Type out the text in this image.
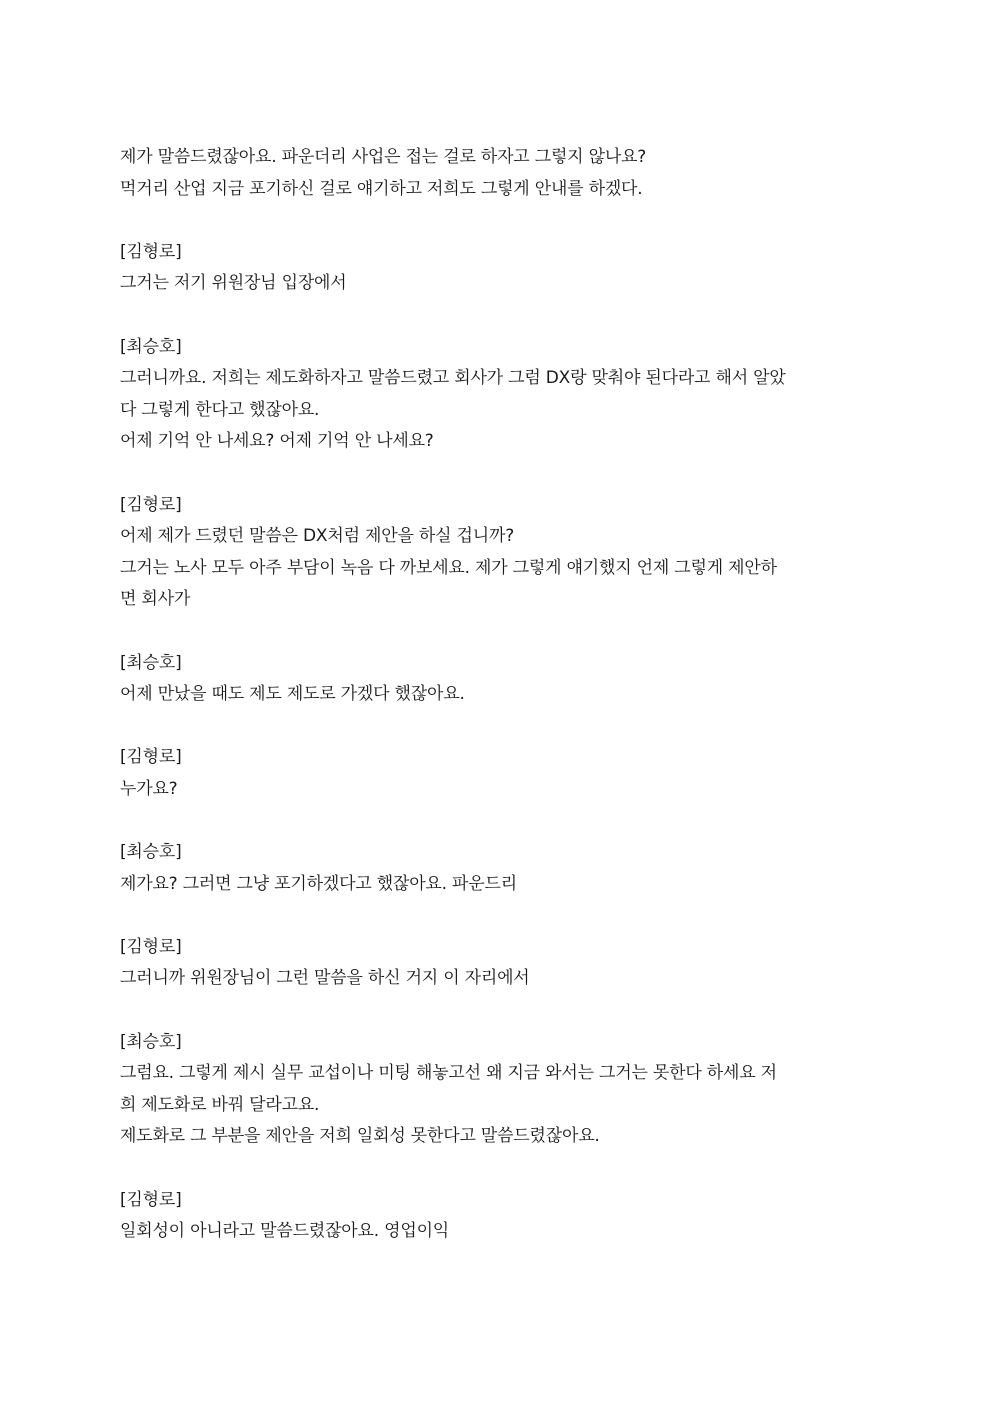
제가 말씀드렸잖아요. 파운더리 사업은 접는 걸로 하자고 그렇지 않나요?
먹거리 산업 지금 포기하신 걸로 얘기하고 저희도 그렇게 안내를 하겠다.
[김형로]
그거는 저기 위원장님 입장에서
[최승호]
그러니까요. 저희는 제도화하자고 말씀드렸고 회사가 그럼 DX랑 맞춰야 된다라고 해서 알았
다 그렇게 한다고 했잖아요.
어제 기억 안 나세요? 어제 기억 안 나세요?
[김형로]
어제 제가 드렸던 말씀은 DX처럼 제안을 하실 겁니까?
그거는 노사 모두 아주 부담이 녹음 다 까보세요. 제가 그렇게 얘기했지 언제 그렇게 제안하
면 회사가
[최승호]
어제 만났을 때도 제도 제도로 가겠다 했잖아요.
[김형로]
누가요?
[최승호]
제가요? 그러면 그냥 포기하겠다고 했잖아요. 파운드리
[김형로]
그러니까 위원장님이 그런 말씀을 하신 거지 이 자리에서
[최승호]
그럼요. 그렇게 제시 실무 교섭이나 미팅 해놓고선 왜 지금 와서는 그거는 못한다 하세요 저
희 제도화로 바꿔 달라고요.
제도화로 그 부분을 제안을 저희 일회성 못한다고 말씀드렸잖아요.
[김형로]
일회성이 아니라고 말씀드렸잖아요. 영업이익
